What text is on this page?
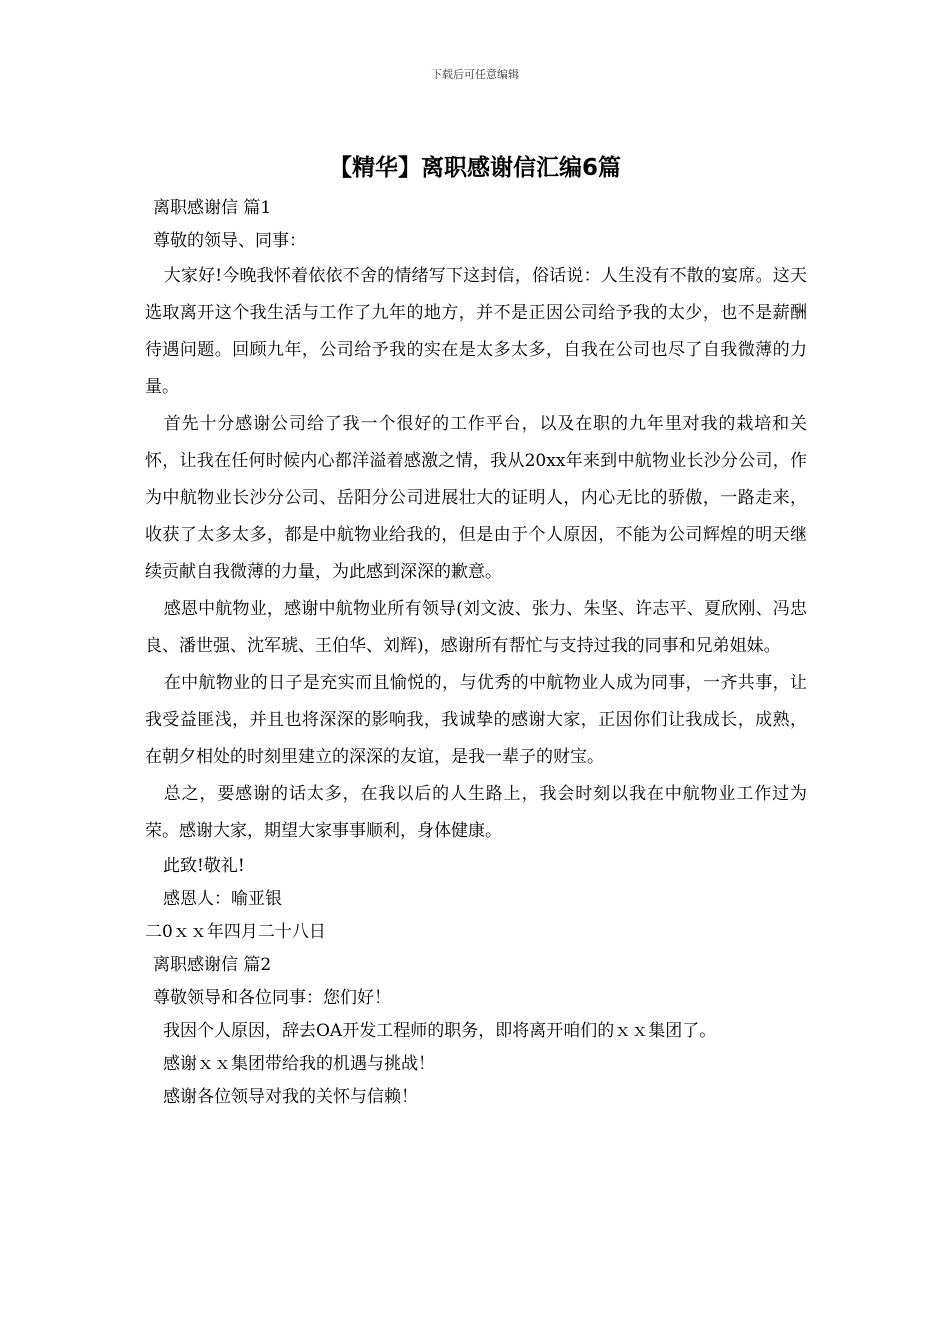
下载后可任意编辑
【精华】离职感谢信汇编6篇

离职感谢信 篇1

尊敬的领导、同事：

大家好!今晚我怀着依依不舍的情绪写下这封信，俗话说：人生没有不散的宴席。这天选取离开这个我生活与工作了九年的地方，并不是正因公司给予我的太少，也不是薪酬待遇问题。回顾九年，公司给予我的实在是太多太多，自我在公司也尽了自我微薄的力量。

首先十分感谢公司给了我一个很好的工作平台，以及在职的九年里对我的栽培和关怀，让我在任何时候内心都洋溢着感激之情，我从20xx年来到中航物业长沙分公司，作为中航物业长沙分公司、岳阳分公司进展壮大的证明人，内心无比的骄傲，一路走来，收获了太多太多，都是中航物业给我的，但是由于个人原因，不能为公司辉煌的明天继续贡献自我微薄的力量，为此感到深深的歉意。

感恩中航物业，感谢中航物业所有领导(刘文波、张力、朱坚、许志平、夏欣刚、冯忠良、潘世强、沈军琥、王伯华、刘辉)，感谢所有帮忙与支持过我的同事和兄弟姐妹。

在中航物业的日子是充实而且愉悦的，与优秀的中航物业人成为同事，一齐共事，让我受益匪浅，并且也将深深的影响我，我诚挚的感谢大家，正因你们让我成长，成熟，在朝夕相处的时刻里建立的深深的友谊，是我一辈子的财宝。

总之，要感谢的话太多，在我以后的人生路上，我会时刻以我在中航物业工作过为荣。感谢大家，期望大家事事顺利，身体健康。

此致!敬礼!

感恩人：喻亚银

二0ｘｘ年四月二十八日

离职感谢信 篇2

尊敬领导和各位同事：您们好！

我因个人原因，辞去OA开发工程师的职务，即将离开咱们的ｘｘ集团了。

感谢ｘｘ集团带给我的机遇与挑战！

感谢各位领导对我的关怀与信赖！
